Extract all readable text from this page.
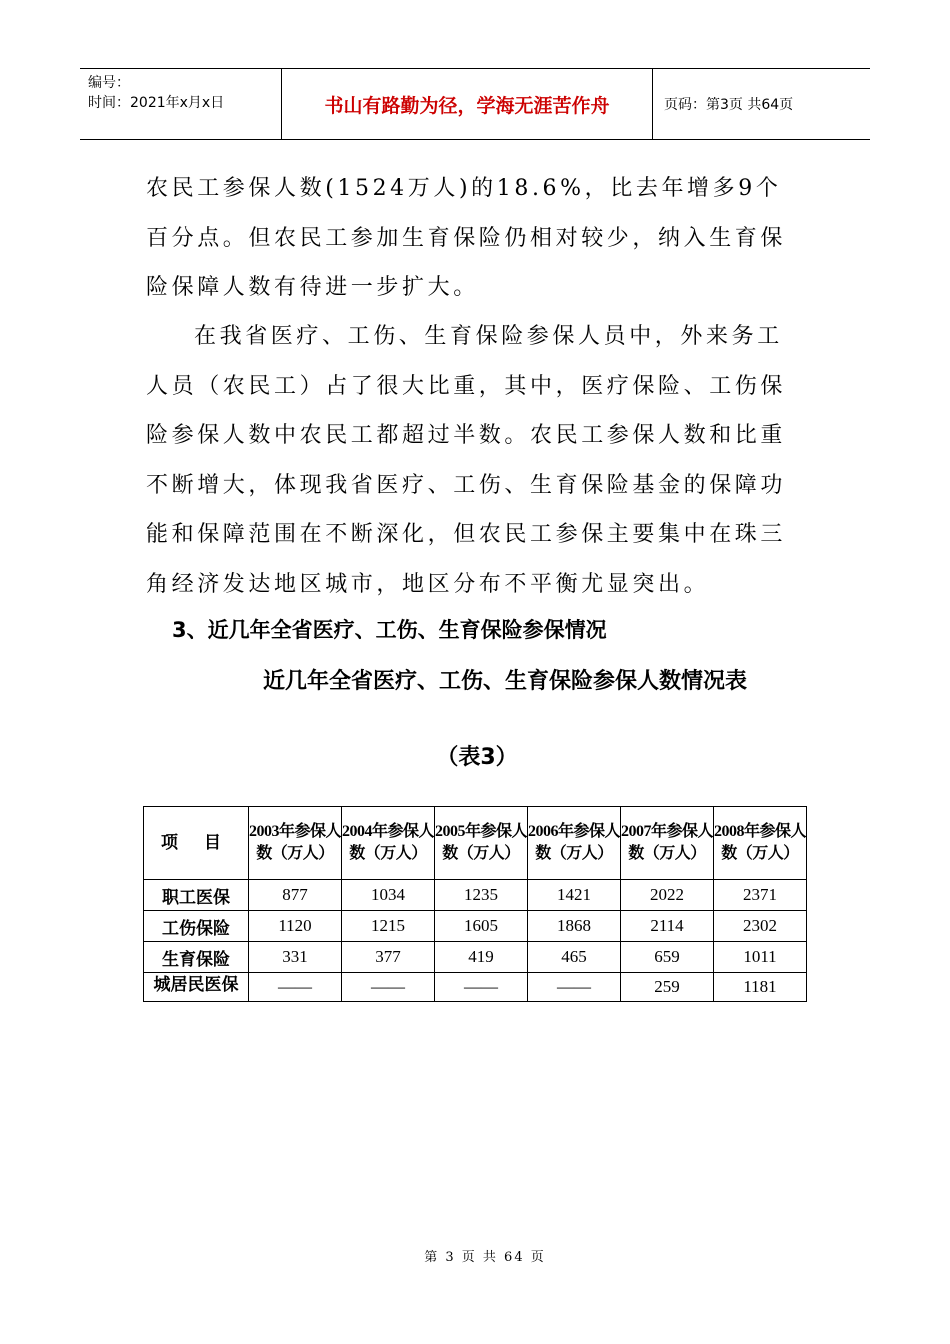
编号：
时间：2021年x月x日	书山有路勤为径，学海无涯苦作舟	页码：第3页 共64页

农民工参保人数(1524万人)的18.6%，比去年增多9个百分点。但农民工参加生育保险仍相对较少，纳入生育保险保障人数有待进一步扩大。

在我省医疗、工伤、生育保险参保人员中，外来务工人员（农民工）占了很大比重，其中，医疗保险、工伤保险参保人数中农民工都超过半数。农民工参保人数和比重不断增大，体现我省医疗、工伤、生育保险基金的保障功能和保障范围在不断深化，但农民工参保主要集中在珠三角经济发达地区城市，地区分布不平衡尤显突出。

3、近几年全省医疗、工伤、生育保险参保情况

近几年全省医疗、工伤、生育保险参保人数情况表

（表3）

项 目	2003年参保人数（万人）	2004年参保人数（万人）	2005年参保人数（万人）	2006年参保人数（万人）	2007年参保人数（万人）	2008年参保人数（万人）
职工医保	877	1034	1235	1421	2022	2371
工伤保险	1120	1215	1605	1868	2114	2302
生育保险	331	377	419	465	659	1011

城居民医保	——	——	——	——	259	1181
第 3 页 共 64 页
